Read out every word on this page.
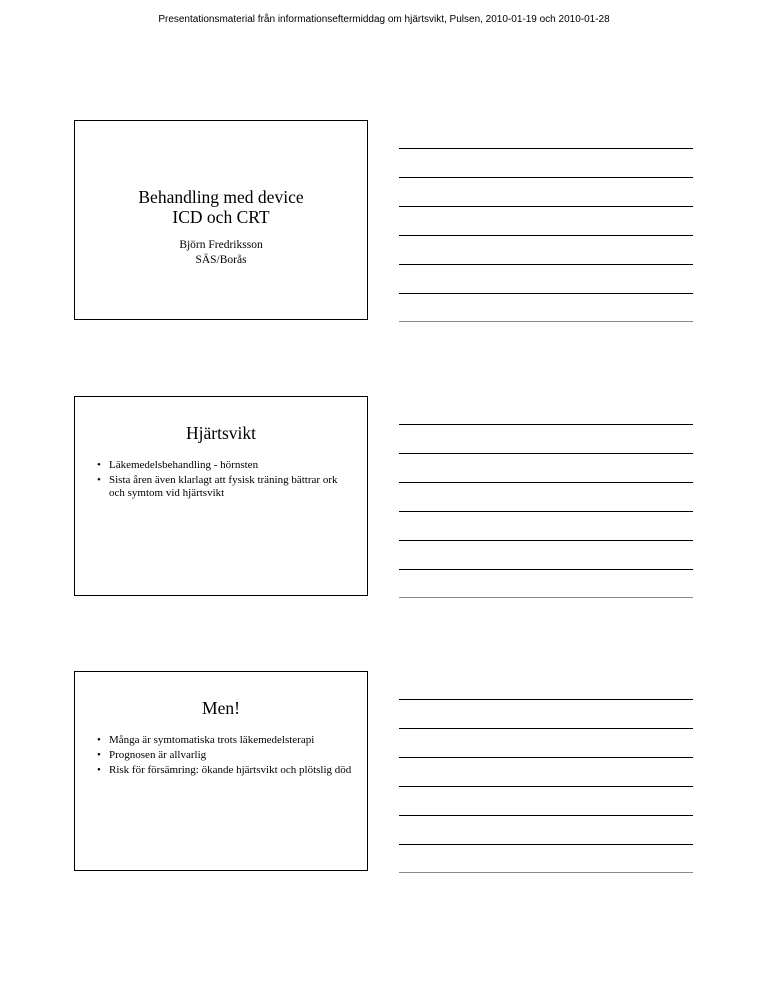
Presentationsmaterial från informationseftermiddag om hjärtsvikt, Pulsen, 2010-01-19 och 2010-01-28
Behandling med device
ICD och CRT
Björn Fredriksson
SÄS/Borås
Hjärtsvikt
• Läkemedelsbehandling - hörnsten
• Sista åren även klarlagt att fysisk träning bättrar ork och symtom vid hjärtsvikt
Men!
• Många är symtomatiska trots läkemedelsterapi
• Prognosen är allvarlig
• Risk för försämring: ökande hjärtsvikt och plötslig död
